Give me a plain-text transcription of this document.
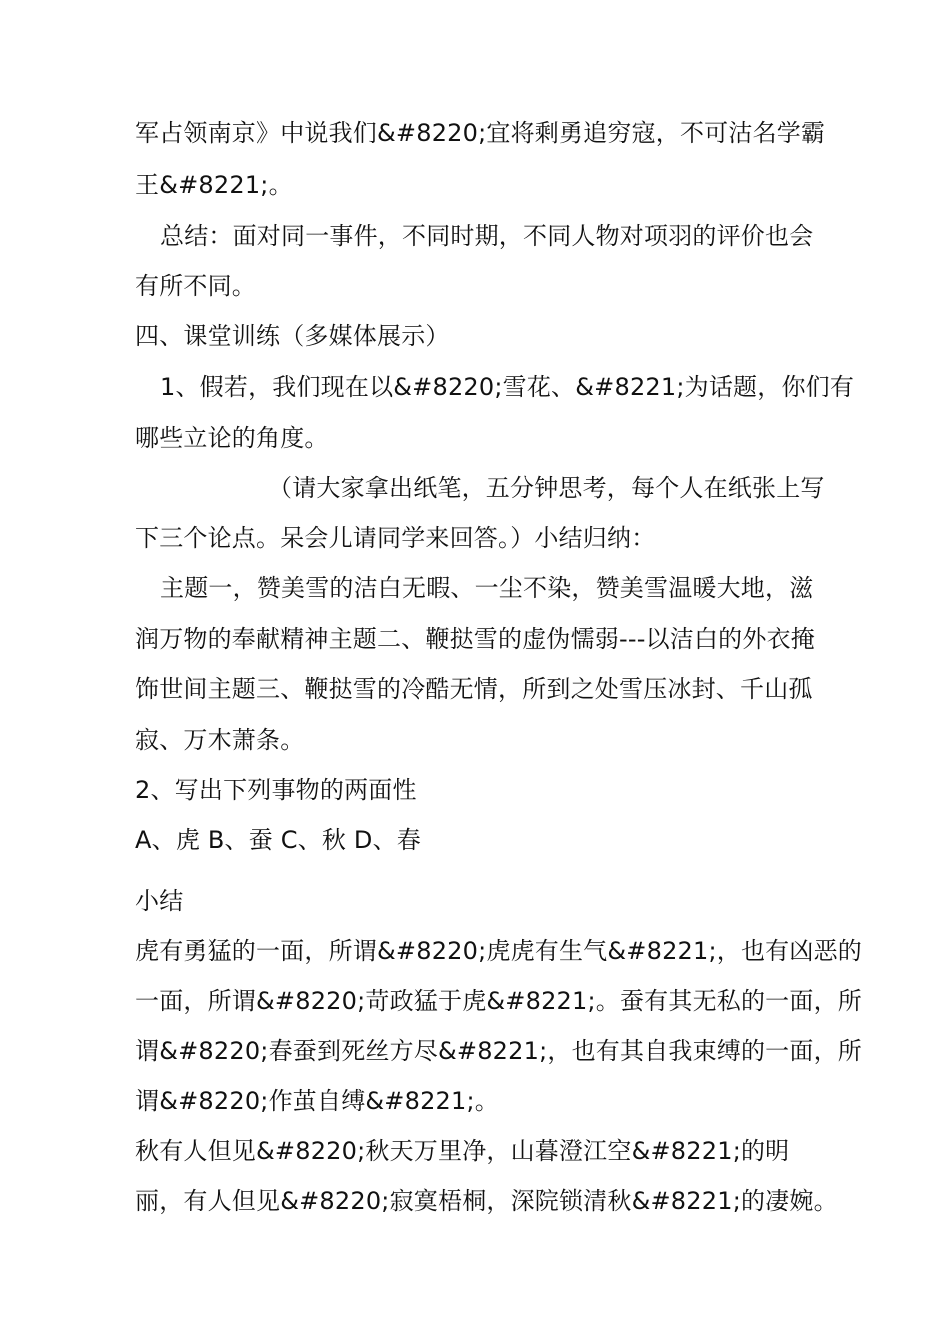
军占领南京》中说我们&#8220;宜将剩勇追穷寇，不可沽名学霸
王&#8221;。
总结：面对同一事件，不同时期，不同人物对项羽的评价也会
有所不同。
四、课堂训练（多媒体展示）
1、假若，我们现在以&#8220;雪花、&#8221;为话题，你们有
哪些立论的角度。
（请大家拿出纸笔，五分钟思考，每个人在纸张上写
下三个论点。呆会儿请同学来回答。）小结归纳：
主题一，赞美雪的洁白无暇、一尘不染，赞美雪温暖大地，滋
润万物的奉献精神主题二、鞭挞雪的虚伪懦弱---以洁白的外衣掩
饰世间主题三、鞭挞雪的冷酷无情，所到之处雪压冰封、千山孤
寂、万木萧条。
2、写出下列事物的两面性
A、虎 B、蚕 C、秋 D、春
小结
虎有勇猛的一面，所谓&#8220;虎虎有生气&#8221;，也有凶恶的
一面，所谓&#8220;苛政猛于虎&#8221;。蚕有其无私的一面，所
谓&#8220;春蚕到死丝方尽&#8221;，也有其自我束缚的一面，所
谓&#8220;作茧自缚&#8221;。
秋有人但见&#8220;秋天万里净，山暮澄江空&#8221;的明
丽，有人但见&#8220;寂寞梧桐，深院锁清秋&#8221;的凄婉。
